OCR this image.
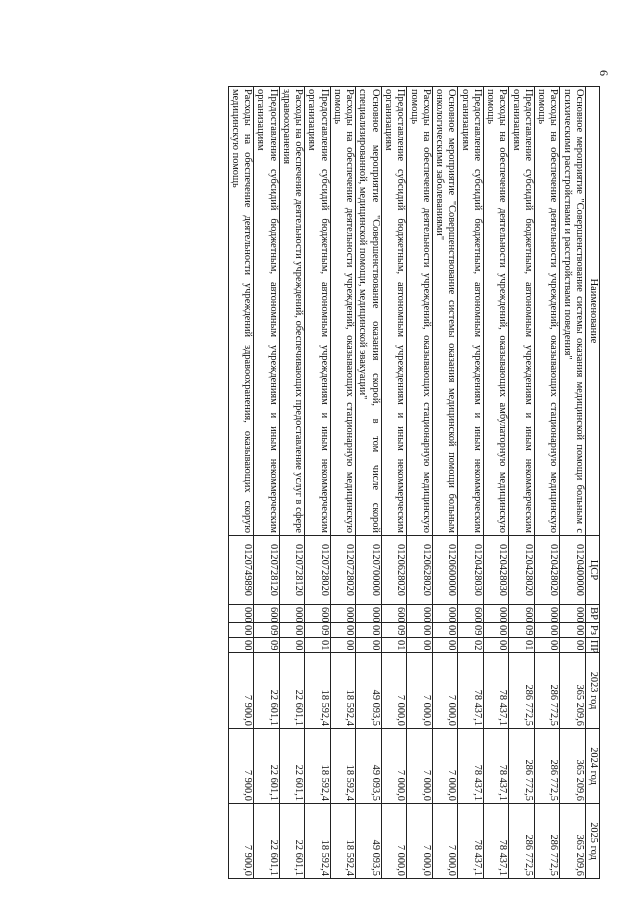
6
Наименование	ЦСР	ВР	Рз	ПР	2023 год	2024 год	2025 год
Основное мероприятие "Совершенствование системы оказания медицинской помощи больным с психическими расстройствами и расстройствами поведения"	0120400000	000	00	00	365 209,6	365 209,6	365 209,6
Расходы на обеспечение деятельности учреждений, оказывающих стационарную медицинскую помощь	0120428020	000	00	00	286 772,5	286 772,5	286 772,5
Предоставление субсидий бюджетным, автономным учреждениям и иным некоммерческим организациям	0120428020	600	09	01	286 772,5	286 772,5	286 772,5
Расходы на обеспечение деятельности учреждений, оказывающих амбулаторную медицинскую помощь	0120428030	000	00	00	78 437,1	78 437,1	78 437,1
Предоставление субсидий бюджетным, автономным учреждениям и иным некоммерческим организациям	0120428030	600	09	02	78 437,1	78 437,1	78 437,1
Основное мероприятие "Совершенствование системы оказания медицинской помощи больным онкологическими заболеваниями"	0120600000	000	00	00	7 000,0	7 000,0	7 000,0
Расходы на обеспечение деятельности учреждений, оказывающих стационарную медицинскую помощь	0120628020	000	00	00	7 000,0	7 000,0	7 000,0
Предоставление субсидий бюджетным, автономным учреждениям и иным некоммерческим организациям	0120628020	600	09	01	7 000,0	7 000,0	7 000,0
Основное мероприятие "Совершенствование оказания скорой, в том числе скорой специализированной, медицинской помощи, медицинской эвакуации"	0120700000	000	00	00	49 093,5	49 093,5	49 093,5
Расходы на обеспечение деятельности учреждений, оказывающих стационарную медицинскую помощь	0120728020	000	00	00	18 592,4	18 592,4	18 592,4
Предоставление субсидий бюджетным, автономным учреждениям и иным некоммерческим организациям	0120728020	600	09	01	18 592,4	18 592,4	18 592,4
Расходы на обеспечение деятельности учреждений, обеспечивающих предоставление услуг в сфере здравоохранения	0120728120	000	00	00	22 601,1	22 601,1	22 601,1
Предоставление субсидий бюджетным, автономным учреждениям и иным некоммерческим организациям	0120728120	600	09	09	22 601,1	22 601,1	22 601,1
Расходы на обеспечение деятельности учреждений здравоохранения, оказывающих скорую медицинскую помощь	0120749890	000	00	00	7 900,0	7 900,0	7 900,0
